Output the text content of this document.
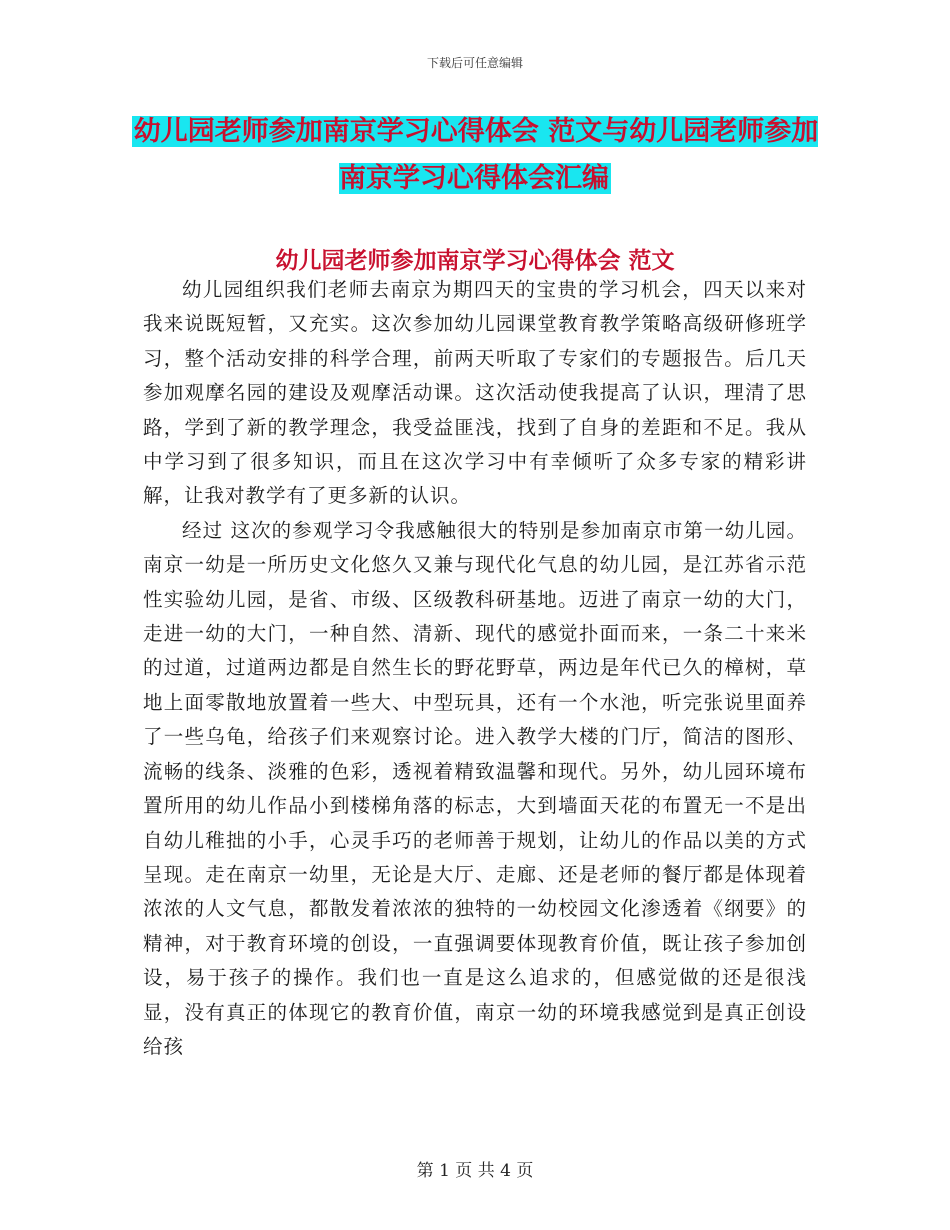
下载后可任意编辑
幼儿园老师参加南京学习心得体会 范文与幼儿园老师参加南京学习心得体会汇编
幼儿园老师参加南京学习心得体会 范文

幼儿园组织我们老师去南京为期四天的宝贵的学习机会，四天以来对我来说既短暂，又充实。这次参加幼儿园课堂教育教学策略高级研修班学习，整个活动安排的科学合理，前两天听取了专家们的专题报告。后几天参加观摩名园的建设及观摩活动课。这次活动使我提高了认识，理清了思路，学到了新的教学理念，我受益匪浅，找到了自身的差距和不足。我从中学习到了很多知识，而且在这次学习中有幸倾听了众多专家的精彩讲解，让我对教学有了更多新的认识。

经过 这次的参观学习令我感触很大的特别是参加南京市第一幼儿园。南京一幼是一所历史文化悠久又兼与现代化气息的幼儿园，是江苏省示范性实验幼儿园，是省、市级、区级教科研基地。迈进了南京一幼的大门，走进一幼的大门，一种自然、清新、现代的感觉扑面而来，一条二十来米的过道，过道两边都是自然生长的野花野草，两边是年代已久的樟树，草地上面零散地放置着一些大、中型玩具，还有一个水池，听完张说里面养了一些乌龟，给孩子们来观察讨论。进入教学大楼的门厅，简洁的图形、流畅的线条、淡雅的色彩，透视着精致温馨和现代。另外，幼儿园环境布置所用的幼儿作品小到楼梯角落的标志，大到墙面天花的布置无一不是出自幼儿稚拙的小手，心灵手巧的老师善于规划，让幼儿的作品以美的方式呈现。走在南京一幼里，无论是大厅、走廊、还是老师的餐厅都是体现着浓浓的人文气息，都散发着浓浓的独特的一幼校园文化渗透着《纲要》的精神，对于教育环境的创设，一直强调要体现教育价值，既让孩子参加创设，易于孩子的操作。我们也一直是这么追求的，但感觉做的还是很浅显，没有真正的体现它的教育价值，南京一幼的环境我感觉到是真正创设给孩

第 1 页 共 4 页
